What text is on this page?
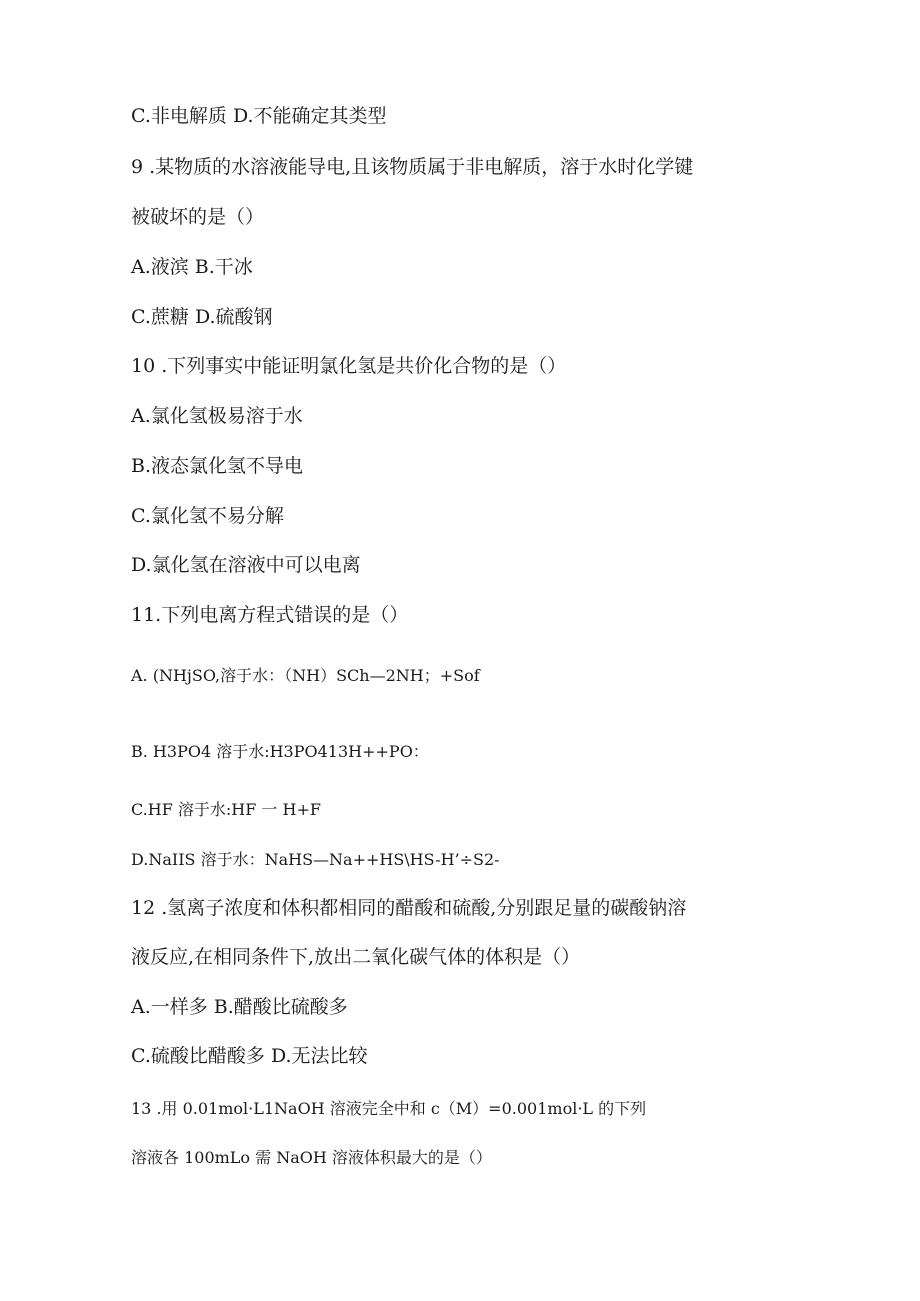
C.非电解质 D.不能确定其类型
9 .某物质的水溶液能导电,且该物质属于非电解质，溶于水时化学键
被破坏的是（）
A.液滨 B.干冰
C.蔗糖 D.硫酸钢
10 .下列事实中能证明氯化氢是共价化合物的是（）
A.氯化氢极易溶于水
B.液态氯化氢不导电
C.氯化氢不易分解
D.氯化氢在溶液中可以电离
11.下列电离方程式错误的是（）
A. (NHjSO,溶于水：（NH）SCh—2NH；+Sof
B. H3PO4 溶于水:H3PO413H++PO：
C.HF 溶于水:HF 一 H+F
D.NaIIS 溶于水：NaHS—Na++HS\HS-H’÷S2-
12 .氢离子浓度和体积都相同的醋酸和硫酸,分别跟足量的碳酸钠溶
液反应,在相同条件下,放出二氧化碳气体的体积是（）
A.一样多 B.醋酸比硫酸多
C.硫酸比醋酸多 D.无法比较
13 .用 0.01mol·L1NaOH 溶液完全中和 c（M）=0.001mol·L 的下列
溶液各 100mLo 需 NaOH 溶液体积最大的是（）
